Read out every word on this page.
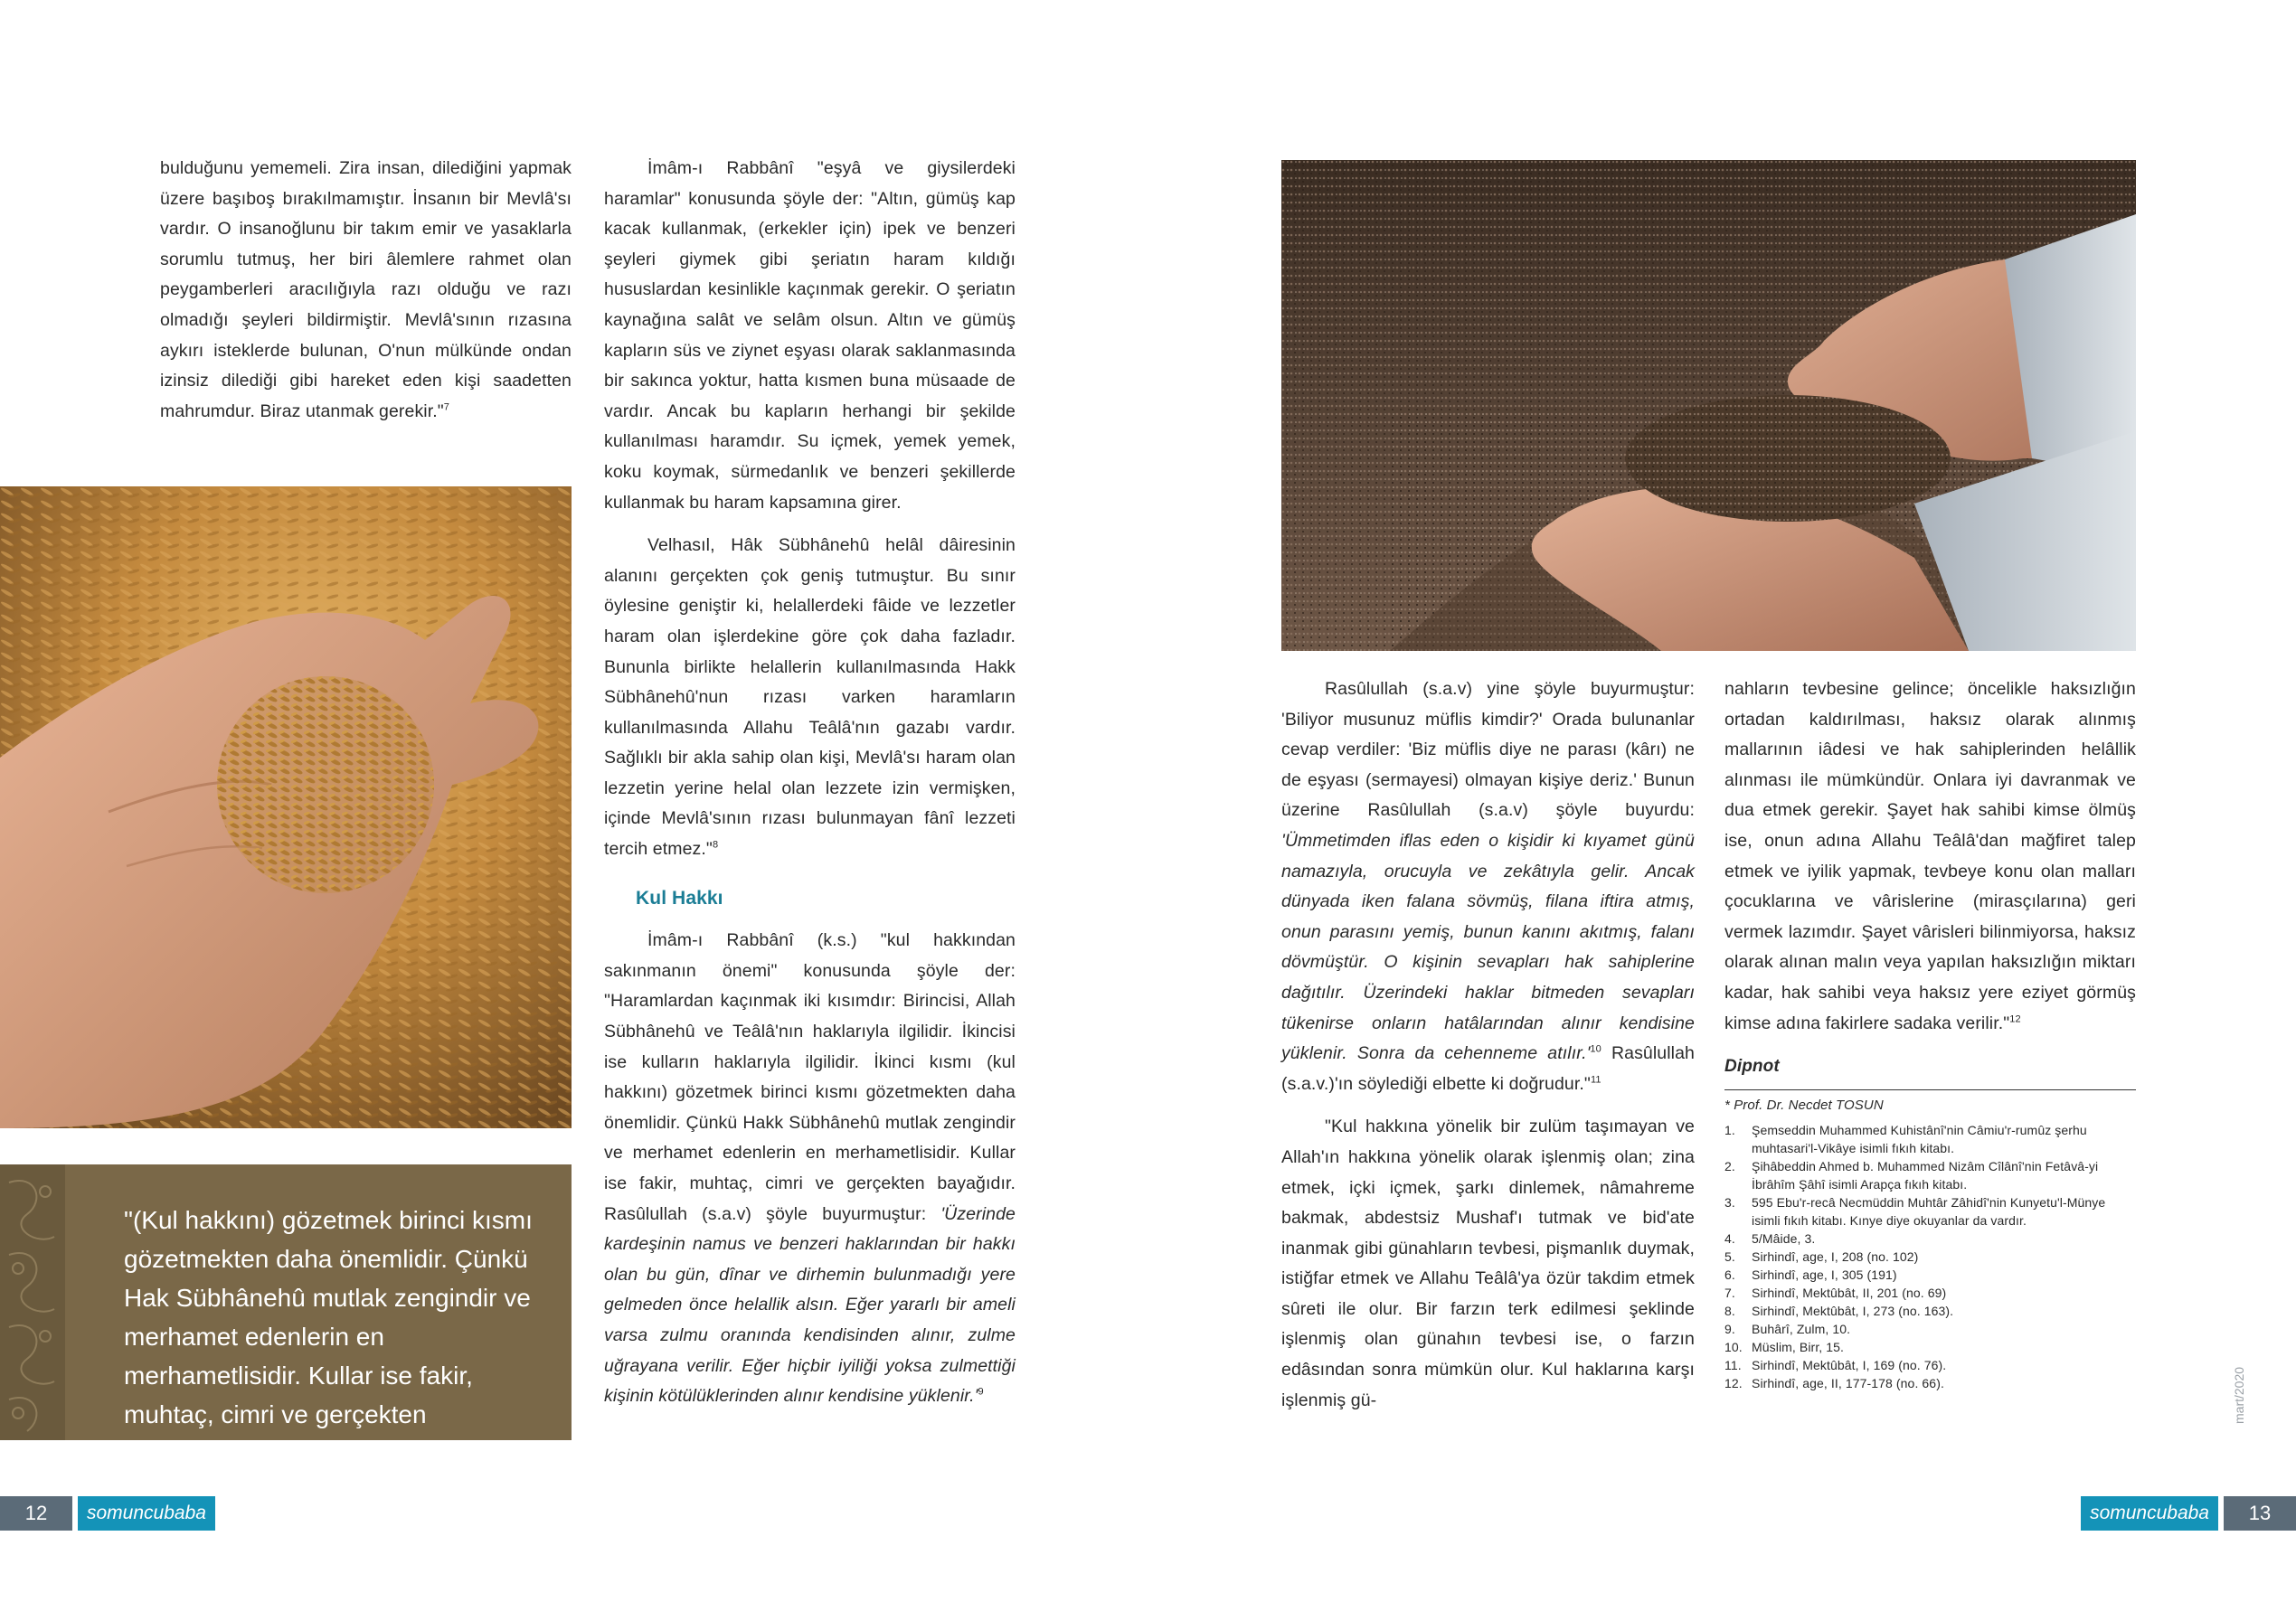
bulduğunu yememeli. Zira insan, dilediğini yapmak üzere başıboş bırakılmamıştır. İnsanın bir Mevlâ'sı vardır. O insanoğlunu bir takım emir ve yasaklarla sorumlu tutmuş, her biri âlemlere rahmet olan peygamberleri aracılığıyla razı olduğu ve razı olmadığı şeyleri bildirmiştir. Mevlâ'sının rızasına aykırı isteklerde bulunan, O'nun mülkünde ondan izinsiz dilediği gibi hareket eden kişi saadetten mahrumdur. Biraz utanmak gerekir."$^7$

"(Kul hakkını) gözetmek birinci kısmı gözetmekten daha önemlidir. Çünkü Hak Sübhânehû mutlak zengindir ve merhamet edenlerin en merhametlisidir. Kullar ise fakir, muhtaç, cimri ve gerçekten bayağıdır."

İmâm-ı Rabbânî "eşyâ ve giysilerdeki haramlar" konusunda şöyle der: "Altın, gümüş kap kacak kullanmak, (erkekler için) ipek ve benzeri şeyleri giymek gibi şeriatın haram kıldığı hususlardan kesinlikle kaçınmak gerekir. O şeriatın kaynağına salât ve selâm olsun. Altın ve gümüş kapların süs ve ziynet eşyası olarak saklanmasında bir sakınca yoktur, hatta kısmen buna müsaade de vardır. Ancak bu kapların herhangi bir şekilde kullanılması haramdır. Su içmek, yemek yemek, koku koymak, sürmedanlık ve benzeri şekillerde kullanmak bu haram kapsamına girer.

Velhasıl, Hâk Sübhânehû helâl dâiresinin alanını gerçekten çok geniş tutmuştur. Bu sınır öylesine geniştir ki, helallerdeki fâide ve lezzetler haram olan işlerdekine göre çok daha fazladır. Bununla birlikte helallerin kullanılmasında Hakk Sübhânehû'nun rızası varken haramların kullanılmasında Allahu Teâlâ'nın gazabı vardır. Sağlıklı bir akla sahip olan kişi, Mevlâ'sı haram olan lezzetin yerine helal olan lezzete izin vermişken, içinde Mevlâ'sının rızası bulunmayan fânî lezzeti tercih etmez."$^8$

Kul Hakkı

İmâm-ı Rabbânî (k.s.) "kul hakkından sakınmanın önemi" konusunda şöyle der: "Haramlardan kaçınmak iki kısımdır: Birincisi, Allah Sübhânehû ve Teâlâ'nın haklarıyla ilgilidir. İkincisi ise kulların haklarıyla ilgilidir. İkinci kısmı (kul hakkını) gözetmek birinci kısmı gözetmekten daha önemlidir. Çünkü Hakk Sübhânehû mutlak zengindir ve merhamet edenlerin en merhametlisidir. Kullar ise fakir, muhtaç, cimri ve gerçekten bayağıdır. Rasûlullah (s.a.v) şöyle buyurmuştur: 'Üzerinde kardeşinin namus ve benzeri haklarından bir hakkı olan bu gün, dînar ve dirhemin bulunmadığı yere gelmeden önce helallik alsın. Eğer yararlı bir ameli varsa zulmu oranında kendisinden alınır, zulme uğrayana verilir. Eğer hiçbir iyiliği yoksa zulmettiği kişinin kötülüklerinden alınır kendisine $yüklenir.'^9$

12	somuncubaba

Rasûlullah (s.a.v) yine şöyle buyurmuştur: 'Biliyor musunuz müflis kimdir?' Orada bulunanlar cevap verdiler: 'Biz müflis diye ne parası (kârı) ne de eşyası (sermayesi) olmayan kişiye deriz.' Bunun üzerine Rasûlullah (s.a.v) şöyle buyurdu: 'Ümmetimden iflas eden o kişidir ki kıyamet günü namazıyla, orucuyla ve zekâtıyla gelir. Ancak dünyada iken falana sövmüş, filana iftira atmış, onun parasını yemiş, bunun kanını akıtmış, falanı dövmüştür. O kişinin sevapları hak sahiplerine dağıtılır. Üzerindeki haklar bitmeden sevapları tükenirse onların hatâlarından alınır kendisine yüklenir. Sonra da cehenneme $atılır.'^{10}$ Rasûlullah (s.a.v.)'ın söylediği elbette ki doğrudur."$^{11}$

"Kul hakkına yönelik bir zulüm taşımayan ve Allah'ın hakkına yönelik olarak işlenmiş olan; zina etmek, içki içmek, şarkı dinlemek, nâmahreme bakmak, abdestsiz Mushaf'ı tutmak ve bid'ate inanmak gibi günahların tevbesi, pişmanlık duymak, istiğfar etmek ve Allahu Teâlâ'ya özür takdim etmek sûreti ile olur. Bir farzın terk edilmesi şeklinde işlenmiş olan günahın tevbesi ise, o farzın edâsından sonra mümkün olur. Kul haklarına karşı işlenmiş gü-

nahların tevbesine gelince; öncelikle haksızlığın ortadan kaldırılması, haksız olarak alınmış mallarının iâdesi ve hak sahiplerinden helâllik alınması ile mümkündür. Onlara iyi davranmak ve dua etmek gerekir. Şayet hak sahibi kimse ölmüş ise, onun adına Allahu Teâlâ'dan mağfiret talep etmek ve iyilik yapmak, tevbeye konu olan malları çocuklarına ve vârislerine (mirasçılarına) geri vermek lazımdır. Şayet vârisleri bilinmiyorsa, haksız olarak alınan malın veya yapılan haksızlığın miktarı kadar, hak sahibi veya haksız yere eziyet görmüş kimse adına fakirlere sadaka verilir."$^{12}$

Dipnot
* Prof. Dr. Necdet TOSUN
1.	Şemseddin Muhammed Kuhistânî'nin Câmiu'r-rumûz şerhu muhtasari'l-Vikâye isimli fıkıh kitabı.
2.	Şihâbeddin Ahmed b. Muhammed Nizâm Cîlânî'nin Fetâvâ-yi İbrâhîm Şâhî isimli Arapça fıkıh kitabı.
3.	595 Ebu'r-recâ Necmüddin Muhtâr Zâhidî'nin Kunyetu'l-Münye isimli fıkıh kitabı. Kınye diye okuyanlar da vardır.
4.	5/Mâide, 3.
5.	Sirhindî, age, I, 208 (no. 102)
6.	Sirhindî, age, I, 305 (191)
7.	Sirhindî, Mektûbât, II, 201 (no. 69)
8.	Sirhindî, Mektûbât, I, 273 (no. 163).
9.	Buhârî, Zulm, 10.
10. Müslim, Birr, 15.
11. Sirhindî, Mektûbât, I, 169 (no. 76).
12. Sirhindî, age, II, 177-178 (no. 66).	mart/2020
somuncubaba	13
